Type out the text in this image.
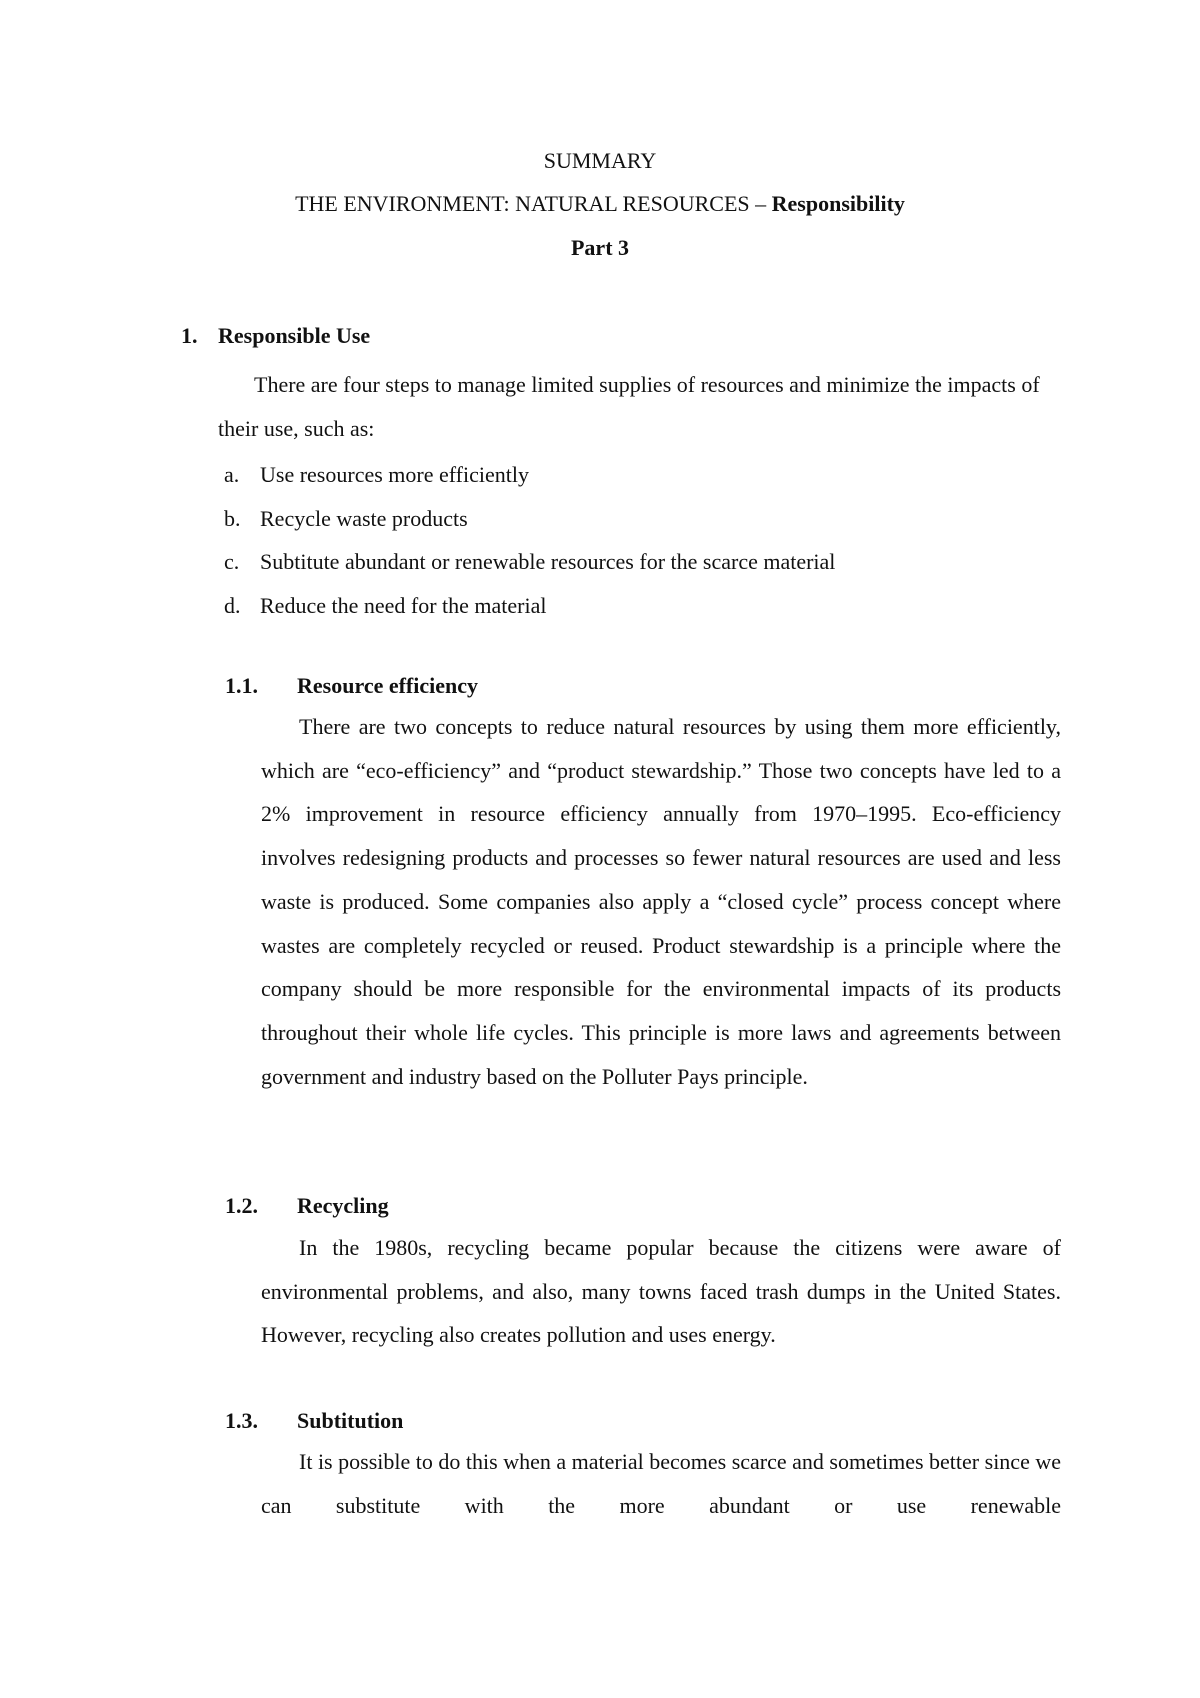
SUMMARY
THE ENVIRONMENT: NATURAL RESOURCES – Responsibility
Part 3
1. Responsible Use

There are four steps to manage limited supplies of resources and minimize the impacts of their use, such as:

a. Use resources more efficiently
b. Recycle waste products
c. Subtitute abundant or renewable resources for the scarce material
d. Reduce the need for the material
1.1. Resource efficiency

There are two concepts to reduce natural resources by using them more efficiently, which are “eco-efficiency” and “product stewardship.” Those two concepts have led to a 2% improvement in resource efficiency annually from 1970–1995. Eco-efficiency involves redesigning products and processes so fewer natural resources are used and less waste is produced. Some companies also apply a “closed cycle” process concept where wastes are completely recycled or reused. Product stewardship is a principle where the company should be more responsible for the environmental impacts of its products throughout their whole life cycles. This principle is more laws and agreements between government and industry based on the Polluter Pays principle.

1.2. Recycling

In the 1980s, recycling became popular because the citizens were aware of environmental problems, and also, many towns faced trash dumps in the United States. However, recycling also creates pollution and uses energy.

1.3. Subtitution

It is possible to do this when a material becomes scarce and sometimes better since we can substitute with the more abundant or use renewable
